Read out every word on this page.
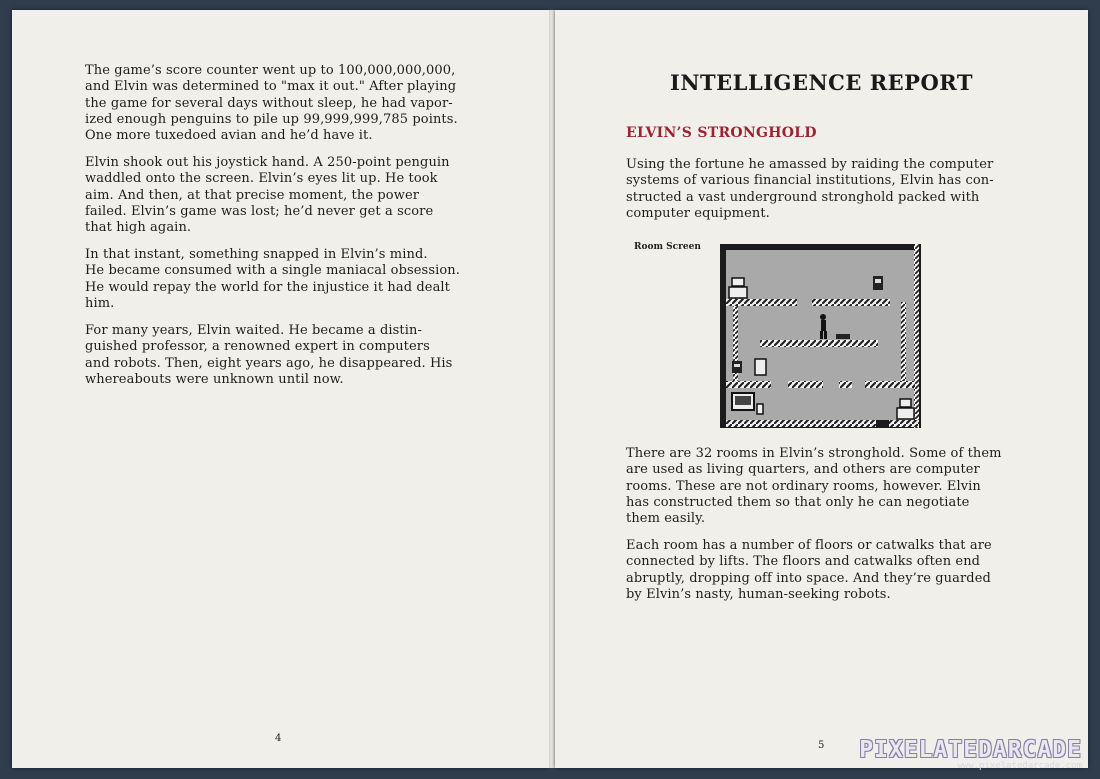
The game’s score counter went up to 100,000,000,000,
and Elvin was determined to "max it out." After playing
the game for several days without sleep, he had vapor-
ized enough penguins to pile up 99,999,999,785 points.
One more tuxedoed avian and he’d have it.
Elvin shook out his joystick hand. A 250-point penguin
waddled onto the screen. Elvin’s eyes lit up. He took
aim. And then, at that precise moment, the power
failed. Elvin’s game was lost; he’d never get a score
that high again.
In that instant, something snapped in Elvin’s mind.
He became consumed with a single maniacal obsession.
He would repay the world for the injustice it had dealt
him.
For many years, Elvin waited. He became a distin-
guished professor, a renowned expert in computers
and robots. Then, eight years ago, he disappeared. His
whereabouts were unknown until now.
4
INTELLIGENCE REPORT
ELVIN’S STRONGHOLD
Using the fortune he amassed by raiding the computer
systems of various financial institutions, Elvin has con-
structed a vast underground stronghold packed with
computer equipment.
Room Screen
There are 32 rooms in Elvin’s stronghold. Some of them
are used as living quarters, and others are computer
rooms. These are not ordinary rooms, however. Elvin
has constructed them so that only he can negotiate
them easily.
Each room has a number of floors or catwalks that are
connected by lifts. The floors and catwalks often end
abruptly, dropping off into space. And they’re guarded
by Elvin’s nasty, human-seeking robots.
5 PIXELATEDARCADE
www.pixelatedarcade.com
